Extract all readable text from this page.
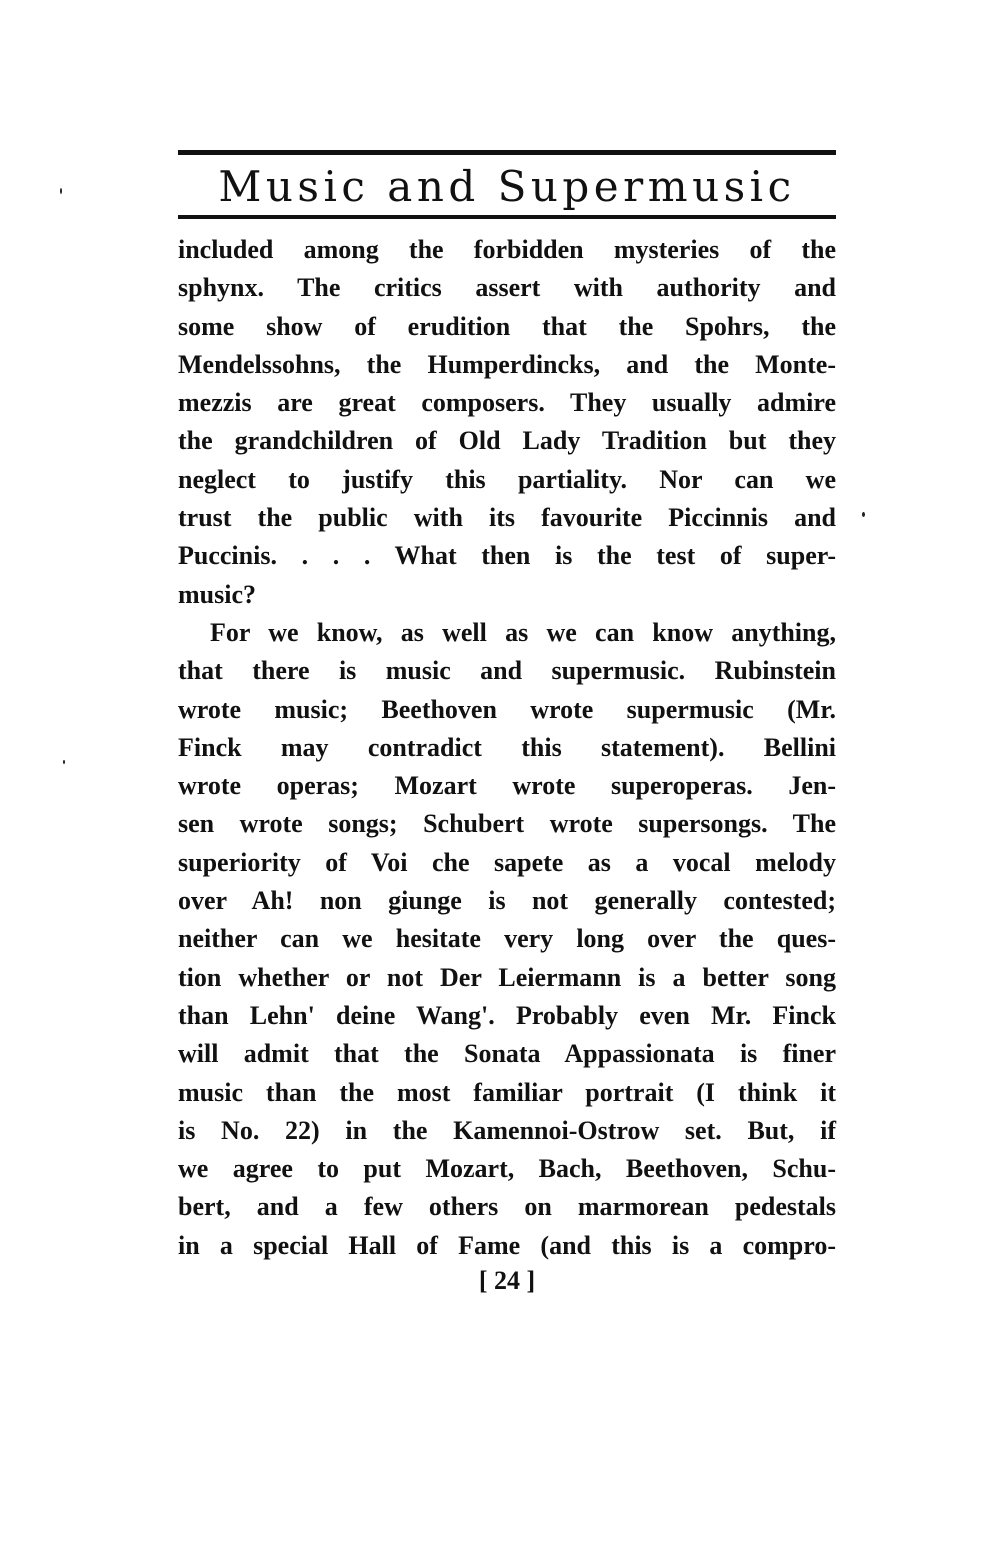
Music and Supermusic
included among the forbidden mysteries of the
sphynx. The critics assert with authority and
some show of erudition that the Spohrs, the
Mendelssohns, the Humperdincks, and the Monte-
mezzis are great composers. They usually admire
the grandchildren of Old Lady Tradition but they
neglect to justify this partiality. Nor can we
trust the public with its favourite Piccinnis and
Puccinis. . . . What then is the test of super-
music?
For we know, as well as we can know anything,
that there is music and supermusic. Rubinstein
wrote music; Beethoven wrote supermusic (Mr.
Finck may contradict this statement). Bellini
wrote operas; Mozart wrote superoperas. Jen-
sen wrote songs; Schubert wrote supersongs. The
superiority of Voi che sapete as a vocal melody
over Ah! non giunge is not generally contested;
neither can we hesitate very long over the ques-
tion whether or not Der Leiermann is a better song
than Lehn' deine Wang'. Probably even Mr. Finck
will admit that the Sonata Appassionata is finer
music than the most familiar portrait (I think it
is No. 22) in the Kamennoi-Ostrow set. But, if
we agree to put Mozart, Bach, Beethoven, Schu-
bert, and a few others on marmorean pedestals
in a special Hall of Fame (and this is a compro-
[ 24 ]
